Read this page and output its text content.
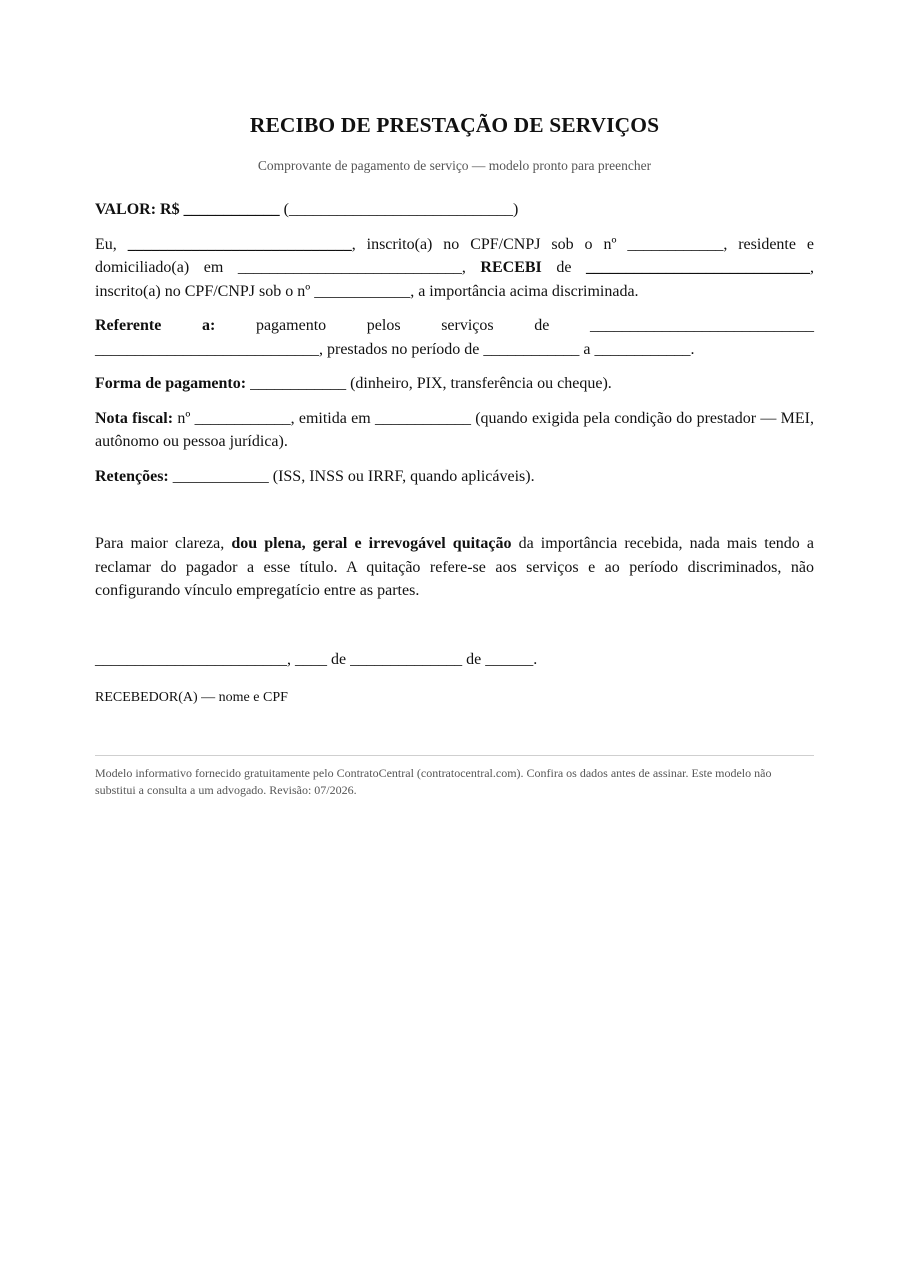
RECIBO DE PRESTAÇÃO DE SERVIÇOS
Comprovante de pagamento de serviço — modelo pronto para preencher

VALOR: R$ ____________ (____________________________)

Eu, ____________________________, inscrito(a) no CPF/CNPJ sob o nº ____________, residente e domiciliado(a) em ____________________________, RECEBI de ____________________________, inscrito(a) no CPF/CNPJ sob o nº ____________, a importância acima discriminada.

Referente a: pagamento pelos serviços de ____________________________ ____________________________, prestados no período de ____________ a ____________.

Forma de pagamento: ____________ (dinheiro, PIX, transferência ou cheque).

Nota fiscal: nº ____________, emitida em ____________ (quando exigida pela condição do prestador — MEI, autônomo ou pessoa jurídica).

Retenções: ____________ (ISS, INSS ou IRRF, quando aplicáveis).

Para maior clareza, dou plena, geral e irrevogável quitação da importância recebida, nada mais tendo a reclamar do pagador a esse título. A quitação refere-se aos serviços e ao período discriminados, não configurando vínculo empregatício entre as partes.

________________________, ____ de ______________ de ______.

RECEBEDOR(A) — nome e CPF
Modelo informativo fornecido gratuitamente pelo ContratoCentral (contratocentral.com). Confira os dados antes de assinar. Este modelo não substitui a consulta a um advogado. Revisão: 07/2026.
